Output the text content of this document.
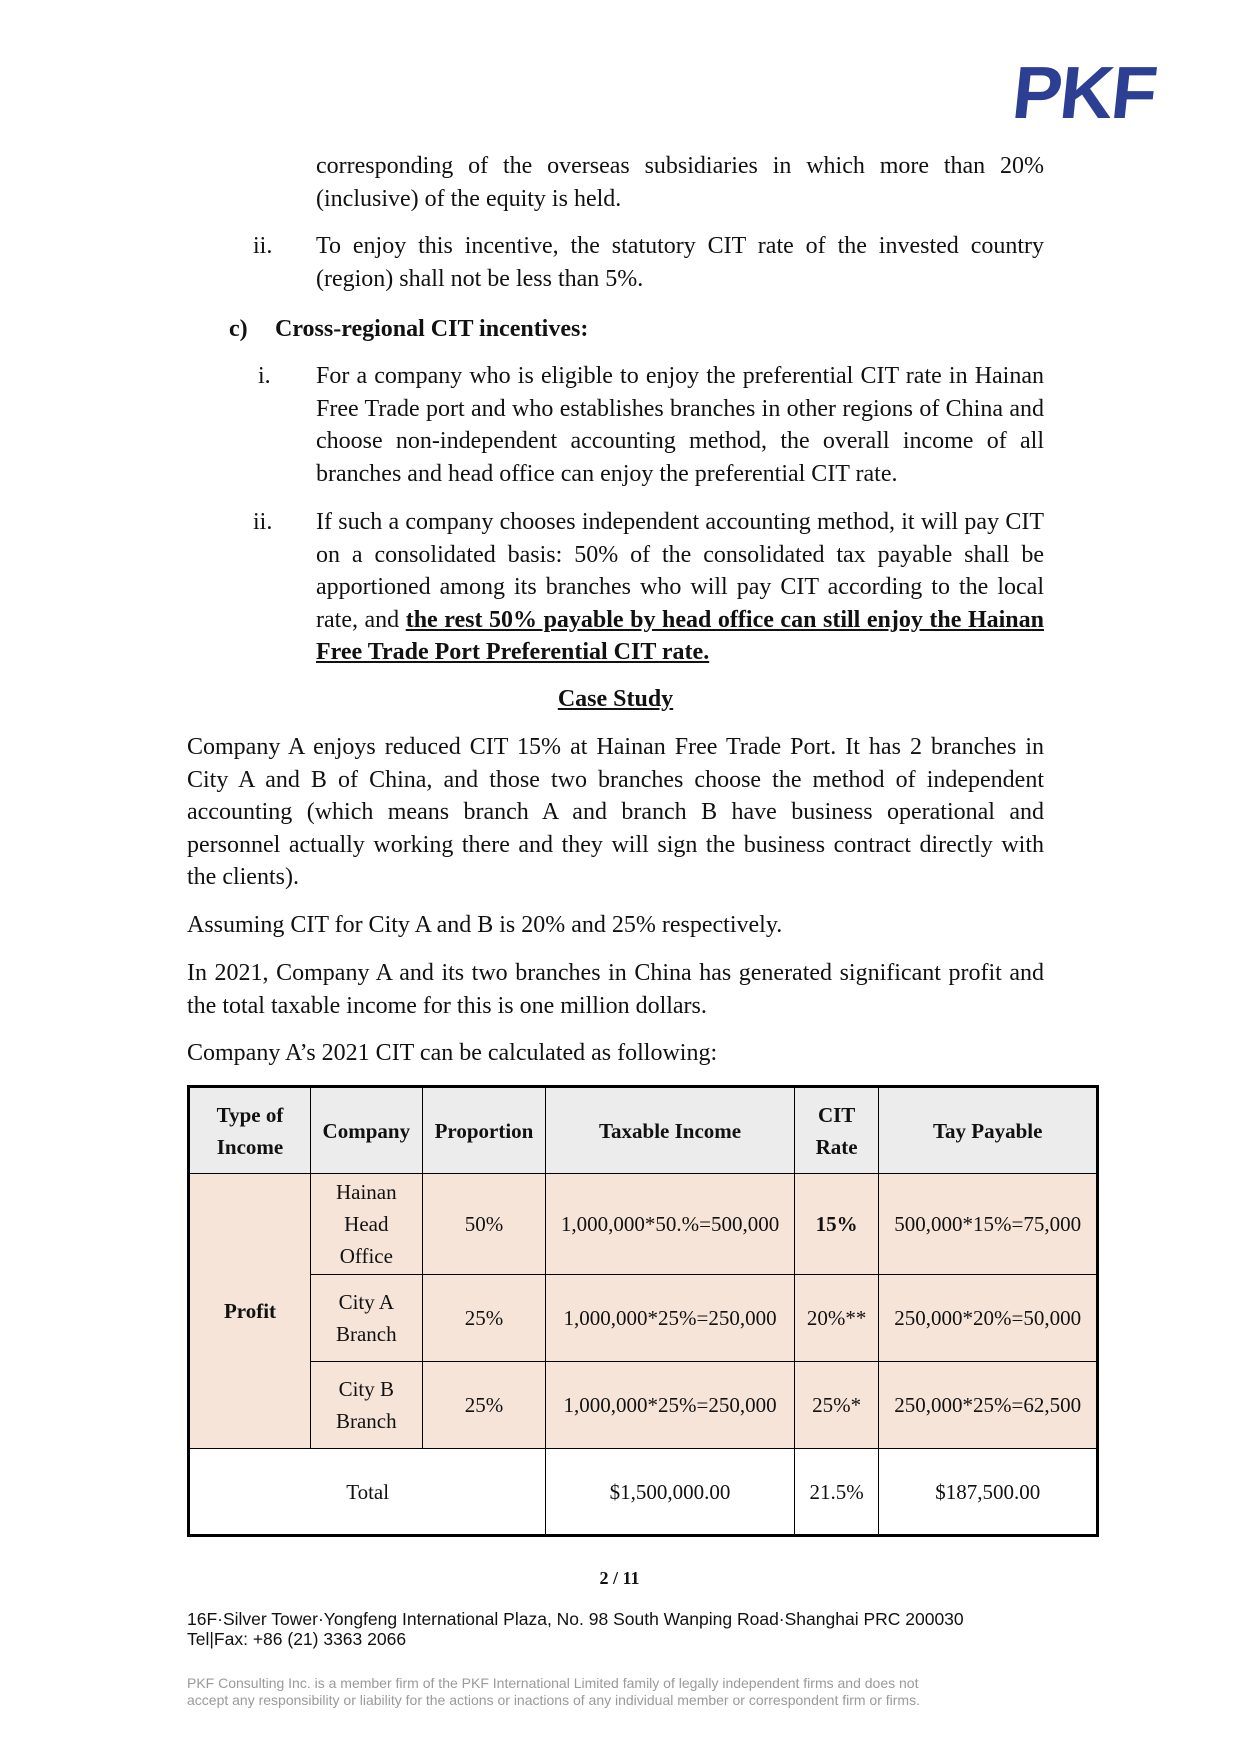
PKF
corresponding of the overseas subsidiaries in which more than 20% (inclusive) of the equity is held.
ii. To enjoy this incentive, the statutory CIT rate of the invested country (region) shall not be less than 5%.
c) Cross-regional CIT incentives:
i. For a company who is eligible to enjoy the preferential CIT rate in Hainan Free Trade port and who establishes branches in other regions of China and choose non-independent accounting method, the overall income of all branches and head office can enjoy the preferential CIT rate.
ii. If such a company chooses independent accounting method, it will pay CIT on a consolidated basis: 50% of the consolidated tax payable shall be apportioned among its branches who will pay CIT according to the local rate, and the rest 50% payable by head office can still enjoy the Hainan Free Trade Port Preferential CIT rate.
Case Study
Company A enjoys reduced CIT 15% at Hainan Free Trade Port. It has 2 branches in City A and B of China, and those two branches choose the method of independent accounting (which means branch A and branch B have business operational and personnel actually working there and they will sign the business contract directly with the clients).
Assuming CIT for City A and B is 20% and 25% respectively.
In 2021, Company A and its two branches in China has generated significant profit and the total taxable income for this is one million dollars.
Company A’s 2021 CIT can be calculated as following:
Type of Income	Company	Proportion	Taxable Income	CIT Rate	Tay Payable
Profit	Hainan Head Office	50%	1,000,000*50.%=500,000	15%	500,000*15%=75,000
	City A Branch	25%	1,000,000*25%=250,000	20%**	250,000*20%=50,000
	City B Branch	25%	1,000,000*25%=250,000	25%*	250,000*25%=62,500
Total			$1,500,000.00	21.5%	$187,500.00
2 / 11
16F·Silver Tower·Yongfeng International Plaza, No. 98 South Wanping Road·Shanghai PRC 200030
Tel|Fax: +86 (21) 3363 2066
PKF Consulting Inc. is a member firm of the PKF International Limited family of legally independent firms and does not
accept any responsibility or liability for the actions or inactions of any individual member or correspondent firm or firms.
